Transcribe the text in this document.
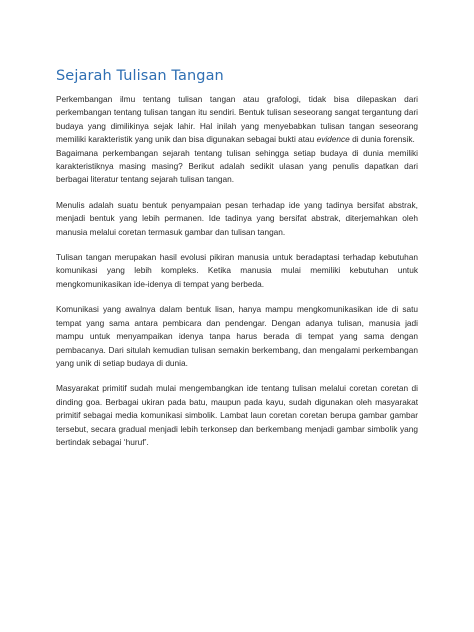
Sejarah Tulisan Tangan

Perkembangan ilmu tentang tulisan tangan atau grafologi, tidak bisa dilepaskan dari perkembangan tentang tulisan tangan itu sendiri. Bentuk tulisan seseorang sangat tergantung dari budaya yang dimilikinya sejak lahir. Hal inilah yang menyebabkan tulisan tangan seseorang memiliki karakteristik yang unik dan bisa digunakan sebagai bukti atau evidence di dunia forensik.

Bagaimana perkembangan sejarah tentang tulisan sehingga setiap budaya di dunia memiliki karakteristiknya masing masing? Berikut adalah sedikit ulasan yang penulis dapatkan dari berbagai literatur tentang sejarah tulisan tangan.

Menulis adalah suatu bentuk penyampaian pesan terhadap ide yang tadinya bersifat abstrak, menjadi bentuk yang lebih permanen. Ide tadinya yang bersifat abstrak, diterjemahkan oleh manusia melalui coretan termasuk gambar dan tulisan tangan.

Tulisan tangan merupakan hasil evolusi pikiran manusia untuk beradaptasi terhadap kebutuhan komunikasi yang lebih kompleks. Ketika manusia mulai memiliki kebutuhan untuk mengkomunikasikan ide-idenya di tempat yang berbeda.

Komunikasi yang awalnya dalam bentuk lisan, hanya mampu mengkomunikasikan ide di satu tempat yang sama antara pembicara dan pendengar. Dengan adanya tulisan, manusia jadi mampu untuk menyampaikan idenya tanpa harus berada di tempat yang sama dengan pembacanya. Dari situlah kemudian tulisan semakin berkembang, dan mengalami perkembangan yang unik di setiap budaya di dunia.

Masyarakat primitif sudah mulai mengembangkan ide tentang tulisan melalui coretan coretan di dinding goa. Berbagai ukiran pada batu, maupun pada kayu, sudah digunakan oleh masyarakat primitif sebagai media komunikasi simbolik. Lambat laun coretan coretan berupa gambar gambar tersebut, secara gradual menjadi lebih terkonsep dan berkembang menjadi gambar simbolik yang bertindak sebagai ‘huruf’.
